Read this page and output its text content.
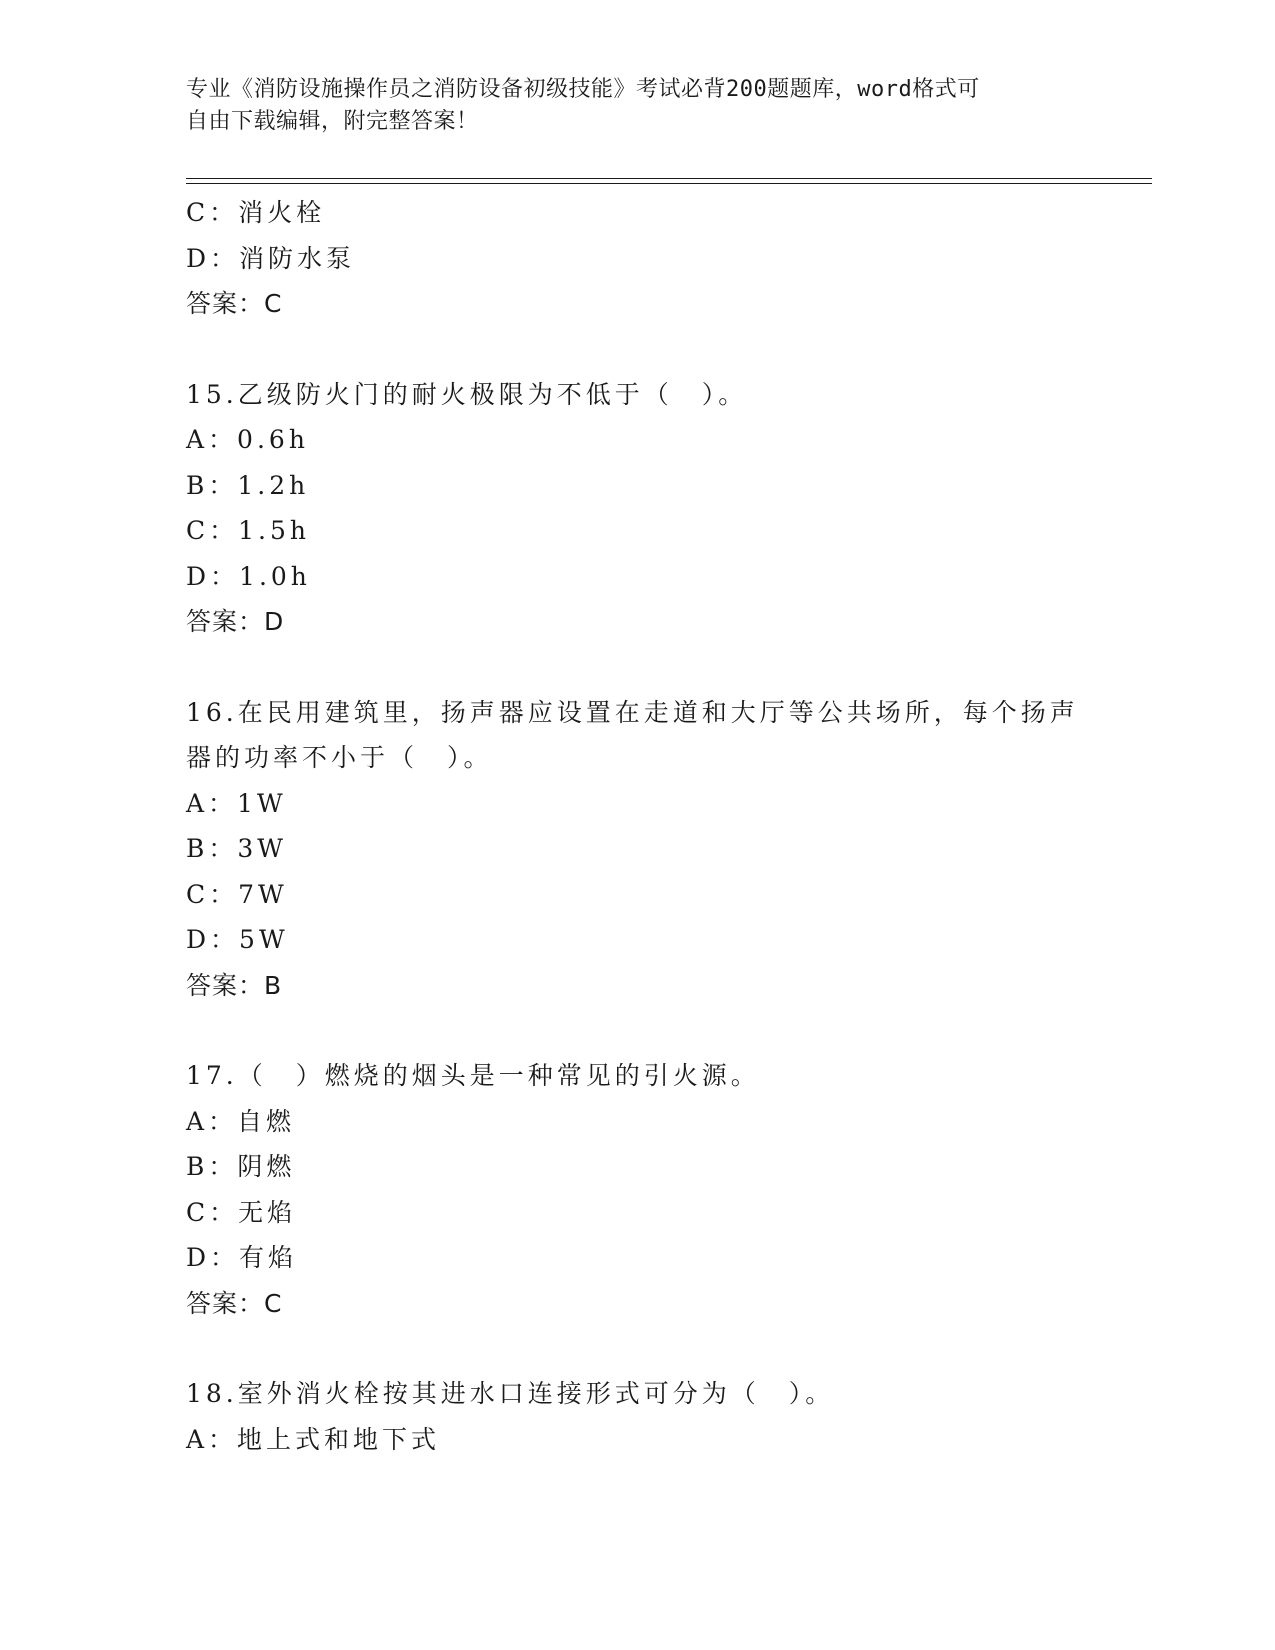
专业《消防设施操作员之消防设备初级技能》考试必背200题题库，word格式可
自由下载编辑，附完整答案！
C：消火栓
D：消防水泵
答案：C
15.乙级防火门的耐火极限为不低于（　）。
A：0.6h
B：1.2h
C：1.5h
D：1.0h
答案：D
16.在民用建筑里，扬声器应设置在走道和大厅等公共场所，每个扬声
器的功率不小于（　）。
A：1W
B：3W
C：7W
D：5W
答案：B
17.（　）燃烧的烟头是一种常见的引火源。
A：自燃
B：阴燃
C：无焰
D：有焰
答案：C
18.室外消火栓按其进水口连接形式可分为（　）。
A：地上式和地下式
